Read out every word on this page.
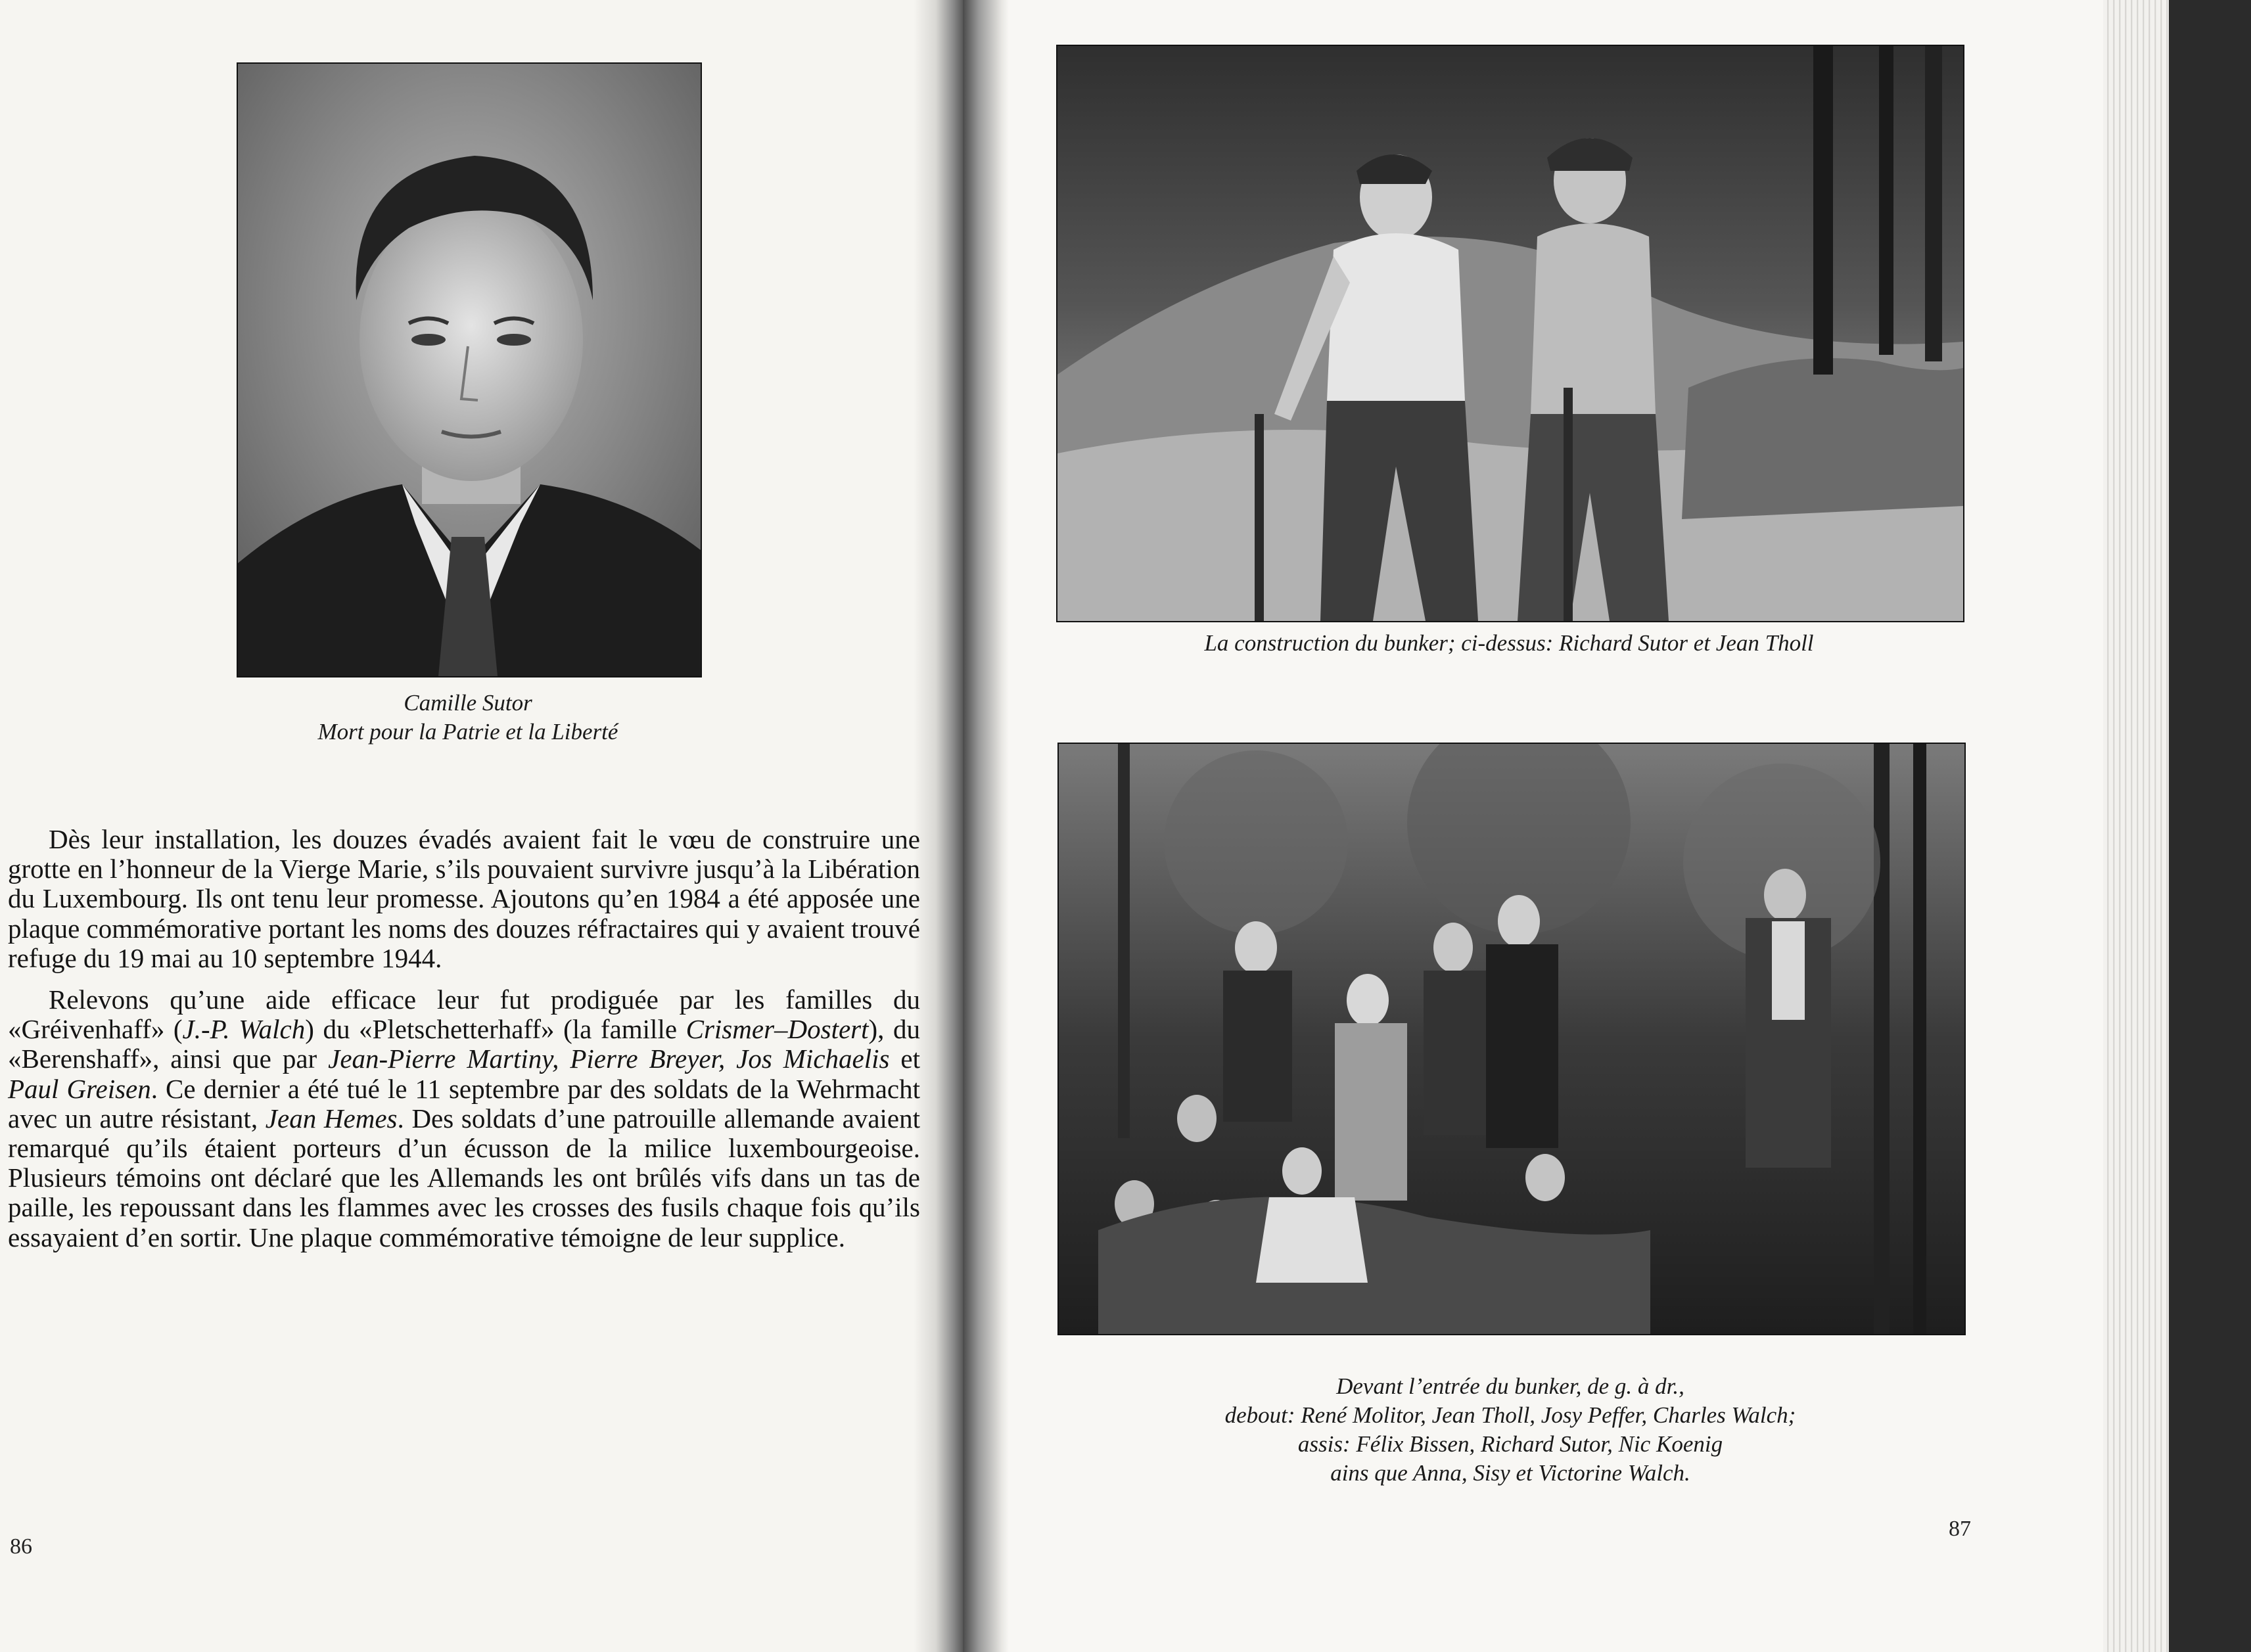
Camille Sutor
Mort pour la Patrie et la Liberté

Dès leur installation, les douzes évadés avaient fait le vœu de construire une grotte en l’honneur de la Vierge Marie, s’ils pouvaient survivre jusqu’à la Libération du Luxembourg. Ils ont tenu leur promesse. Ajoutons qu’en 1984 a été apposée une plaque commémorative portant les noms des douzes réfractaires qui y avaient trouvé refuge du 19 mai au 10 septembre 1944.

Relevons qu’une aide efficace leur fut prodiguée par les familles du «Gréivenhaff» (J.-P. Walch) du «Pletschetterhaff» (la famille Crismer–Dostert), du «Berenshaff», ainsi que par Jean-Pierre Martiny, Pierre Breyer, Jos Michaelis et Paul Greisen. Ce dernier a été tué le 11 septembre par des soldats de la Wehrmacht avec un autre résistant, Jean Hemes. Des soldats d’une patrouille allemande avaient remarqué qu’ils étaient porteurs d’un écusson de la milice luxembourgeoise. Plusieurs témoins ont déclaré que les Allemands les ont brûlés vifs dans un tas de paille, les repoussant dans les flammes avec les crosses des fusils chaque fois qu’ils essayaient d’en sortir. Une plaque commémorative témoigne de leur supplice.

86
La construction du bunker; ci-dessus: Richard Sutor et Jean Tholl
Devant l’entrée du bunker, de g. à dr.,
debout: René Molitor, Jean Tholl, Josy Peffer, Charles Walch;
assis: Félix Bissen, Richard Sutor, Nic Koenig
ains que Anna, Sisy et Victorine Walch.
87
